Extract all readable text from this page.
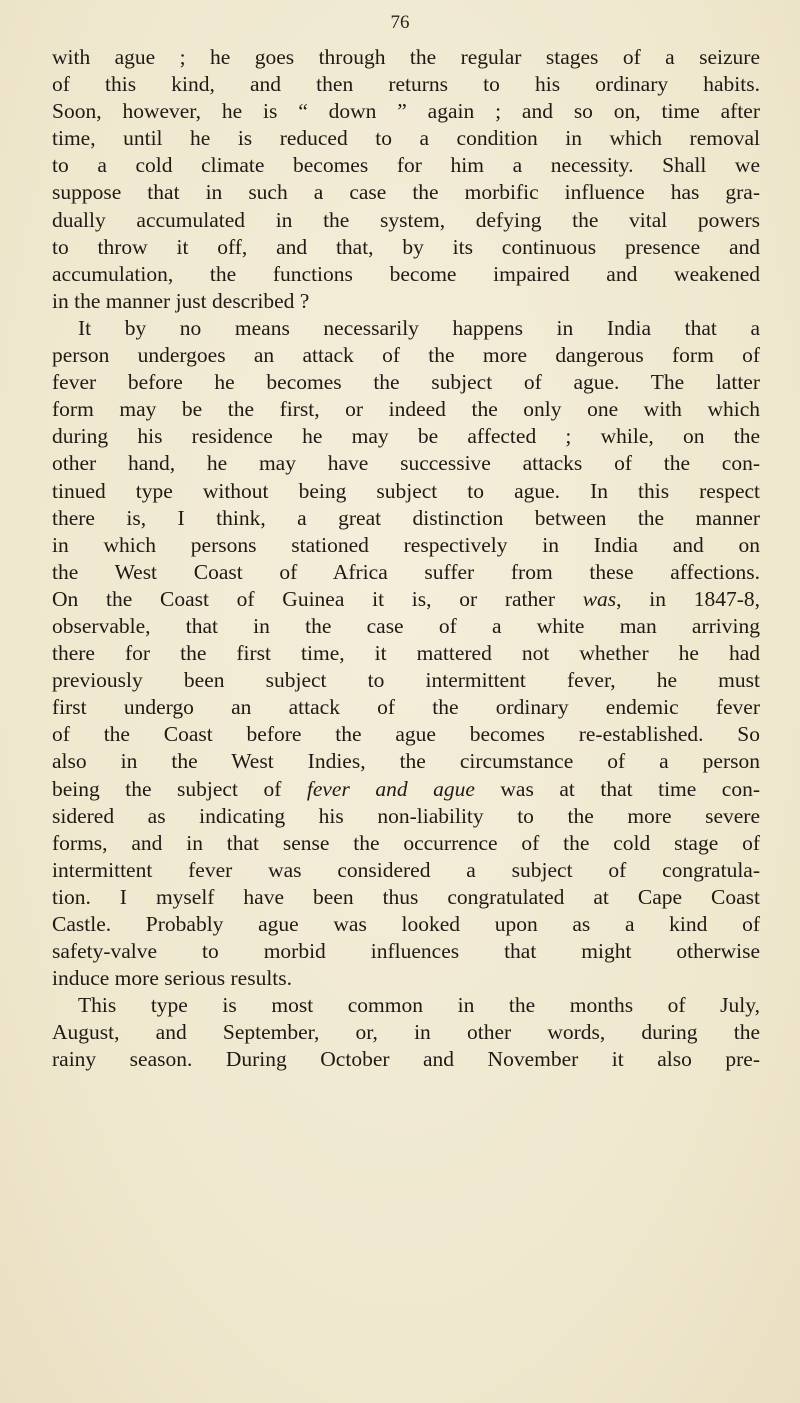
76
with ague ; he goes through the regular stages of a seizure
of this kind, and then returns to his ordinary habits.
Soon, however, he is “ down ” again ; and so on, time after
time, until he is reduced to a condition in which removal
to a cold climate becomes for him a necessity. Shall we
suppose that in such a case the morbific influence has gra-
dually accumulated in the system, defying the vital powers
to throw it off, and that, by its continuous presence and
accumulation, the functions become impaired and weakened
in the manner just described ?
It by no means necessarily happens in India that a
person undergoes an attack of the more dangerous form of
fever before he becomes the subject of ague. The latter
form may be the first, or indeed the only one with which
during his residence he may be affected ; while, on the
other hand, he may have successive attacks of the con-
tinued type without being subject to ague. In this respect
there is, I think, a great distinction between the manner
in which persons stationed respectively in India and on
the West Coast of Africa suffer from these affections.
On the Coast of Guinea it is, or rather was, in 1847-8,
observable, that in the case of a white man arriving
there for the first time, it mattered not whether he had
previously been subject to intermittent fever, he must
first undergo an attack of the ordinary endemic fever
of the Coast before the ague becomes re-established. So
also in the West Indies, the circumstance of a person
being the subject of fever and ague was at that time con-
sidered as indicating his non-liability to the more severe
forms, and in that sense the occurrence of the cold stage of
intermittent fever was considered a subject of congratula-
tion. I myself have been thus congratulated at Cape Coast
Castle. Probably ague was looked upon as a kind of
safety-valve to morbid influences that might otherwise
induce more serious results.
This type is most common in the months of July,
August, and September, or, in other words, during the
rainy season. During October and November it also pre-
